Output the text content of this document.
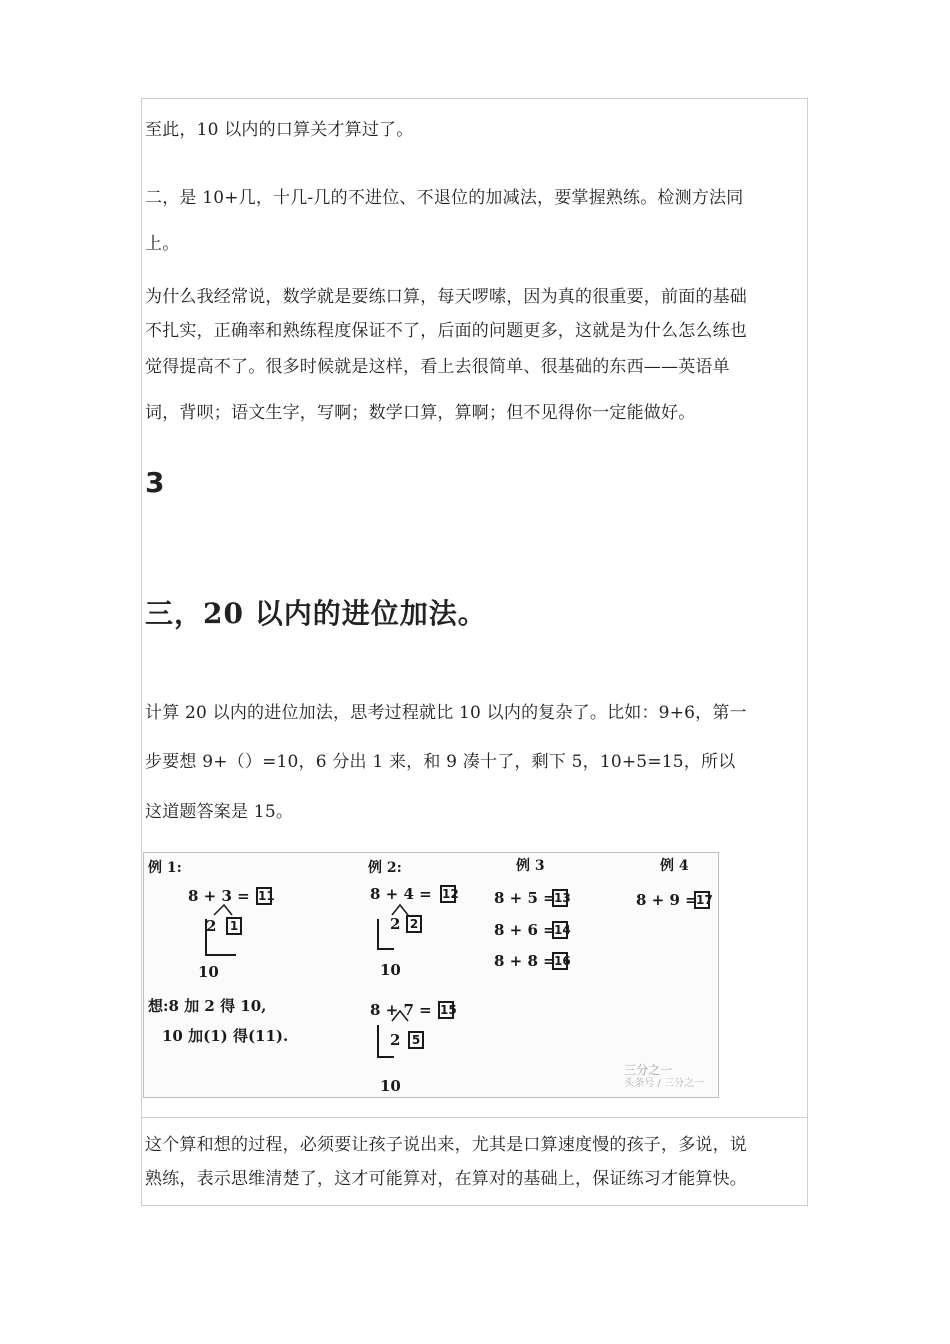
至此，10 以内的口算关才算过了。
二，是 10+几，十几-几的不进位、不退位的加减法，要掌握熟练。检测方法同
上。
为什么我经常说，数学就是要练口算，每天啰嗦，因为真的很重要，前面的基础
不扎实，正确率和熟练程度保证不了，后面的问题更多，这就是为什么怎么练也
觉得提高不了。很多时候就是这样，看上去很简单、很基础的东西——英语单
词，背呗；语文生字，写啊；数学口算，算啊；但不见得你一定能做好。
3
三，20 以内的进位加法。
计算 20 以内的进位加法，思考过程就比 10 以内的复杂了。比如：9+6，第一
步要想 9+（）=10，6 分出 1 来，和 9 凑十了，剩下 5，10+5=15，所以
这道题答案是 15。
例 1:
8 + 3 = 11
2	1
10
想:8 加 2 得 10,
10 加(1) 得(11).
例 2:
8 + 4 = 12
2 2
10
8 + 7 = 15
2 5
10
例 3
8 + 5 =
13
8 + 6 =
14
8 + 8 =
16
例 4
8 + 9 =
17
三分之一
头条号 / 三分之一
这个算和想的过程，必须要让孩子说出来，尤其是口算速度慢的孩子，多说，说
熟练，表示思维清楚了，这才可能算对，在算对的基础上，保证练习才能算快。
